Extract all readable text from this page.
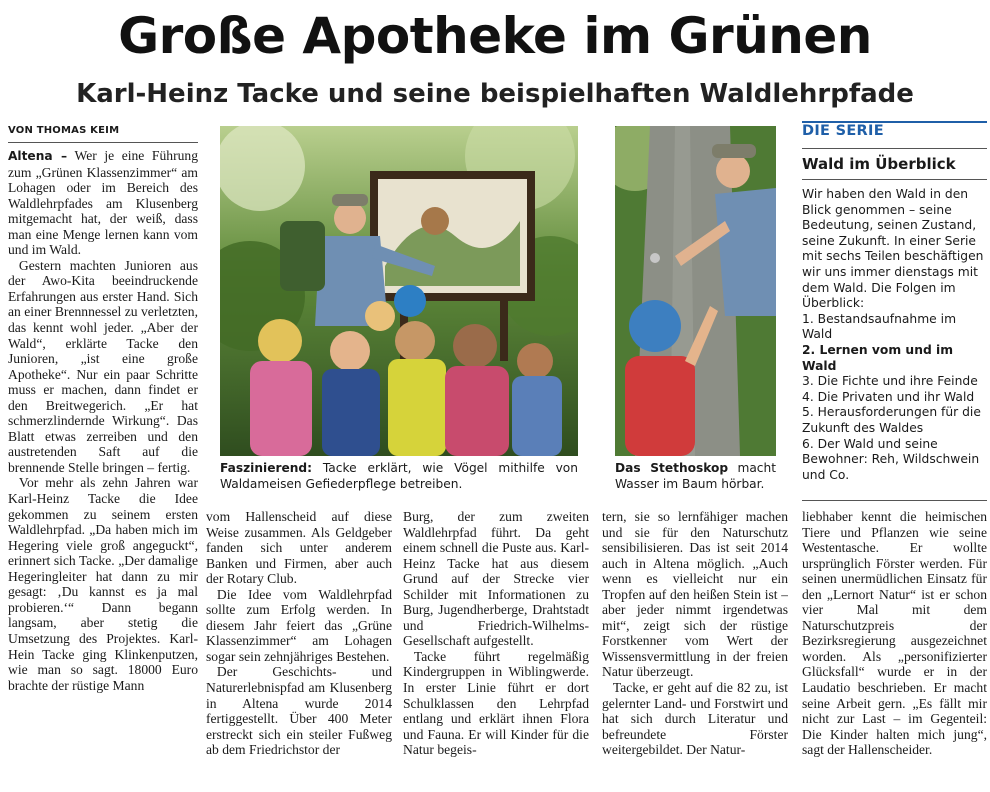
Große Apotheke im Grünen
Karl-Heinz Tacke und seine beispielhaften Waldlehrpfade
VON THOMAS KEIM

Altena – Wer je eine Führung zum „Grünen Klassenzimmer“ am Lohagen oder im Bereich des Waldlehrpfades am Klusenberg mitgemacht hat, der weiß, dass man eine Menge lernen kann vom und im Wald.

Gestern machten Junioren aus der Awo-Kita beeindruckende Erfahrungen aus erster Hand. Sich an einer Brennnessel zu verletzten, das kennt wohl jeder. „Aber der Wald“, erklärte Tacke den Junioren, „ist eine große Apotheke“. Nur ein paar Schritte muss er machen, dann findet er den Breitwegerich. „Er hat schmerzlindernde Wirkung“. Das Blatt etwas zerreiben und den austretenden Saft auf die brennende Stelle bringen – fertig.

Vor mehr als zehn Jahren war Karl-Heinz Tacke die Idee gekommen zu seinem ersten Waldlehrpfad. „Da haben mich im Hegering viele groß angeguckt“, erinnert sich Tacke. „Der damalige Hegeringleiter hat dann zu mir gesagt: ‚Du kannst es ja mal probieren.‘“ Dann begann langsam, aber stetig die Umsetzung des Projektes. Karl-Hein Tacke ging Klinkenputzen, wie man so sagt. 18000 Euro brachte der rüstige Mann

Faszinierend: Tacke erklärt, wie Vögel mithilfe von Waldameisen Gefiederpflege betreiben.
Das Stethoskop macht Wasser im Baum hörbar.

vom Hallenscheid auf diese Weise zusammen. Als Geldgeber fanden sich unter anderem Banken und Firmen, aber auch der Rotary Club.

Die Idee vom Waldlehrpfad sollte zum Erfolg werden. In diesem Jahr feiert das „Grüne Klassenzimmer“ am Lohagen sogar sein zehnjähriges Bestehen.

Der Geschichts- und Naturerlebnispfad am Klusenberg in Altena wurde 2014 fertiggestellt. Über 400 Meter erstreckt sich ein steiler Fußweg ab dem Friedrichstor der

Burg, der zum zweiten Waldlehrpfad führt. Da geht einem schnell die Puste aus. Karl-Heinz Tacke hat aus diesem Grund auf der Strecke vier Schilder mit Informationen zu Burg, Jugendherberge, Drahtstadt und Friedrich-Wilhelms-Gesellschaft aufgestellt.

Tacke führt regelmäßig Kindergruppen in Wiblingwerde. In erster Linie führt er dort Schulklassen den Lehrpfad entlang und erklärt ihnen Flora und Fauna. Er will Kinder für die Natur begeis-

tern, sie so lernfähiger machen und sie für den Naturschutz sensibilisieren. Das ist seit 2014 auch in Altena möglich. „Auch wenn es vielleicht nur ein Tropfen auf den heißen Stein ist – aber jeder nimmt irgendetwas mit“, zeigt sich der rüstige Forstkenner vom Wert der Wissensvermittlung in der freien Natur überzeugt.

Tacke, er geht auf die 82 zu, ist gelernter Land- und Forstwirt und hat sich durch Literatur und befreundete Förster weitergebildet. Der Natur-

DIE SERIE
Wald im Überblick

Wir haben den Wald in den Blick genommen – seine Bedeutung, seinen Zustand, seine Zukunft. In einer Serie mit sechs Teilen beschäftigen wir uns immer dienstags mit dem Wald. Die Folgen im Überblick:

1. Bestandsaufnahme im Wald
2. Lernen vom und im Wald
3. Die Fichte und ihre Feinde
4. Die Privaten und ihr Wald
5. Herausforderungen für die Zukunft des Waldes
6. Der Wald und seine Bewohner: Reh, Wildschwein und Co.

liebhaber kennt die heimischen Tiere und Pflanzen wie seine Westentasche. Er wollte ursprünglich Förster werden. Für seinen unermüdlichen Einsatz für den „Lernort Natur“ ist er schon vier Mal mit dem Naturschutzpreis der Bezirksregierung ausgezeichnet worden. Als „personifizierter Glücksfall“ wurde er in der Laudatio beschrieben. Er macht seine Arbeit gern. „Es fällt mir nicht zur Last – im Gegenteil: Die Kinder halten mich jung“, sagt der Hallenscheider.
